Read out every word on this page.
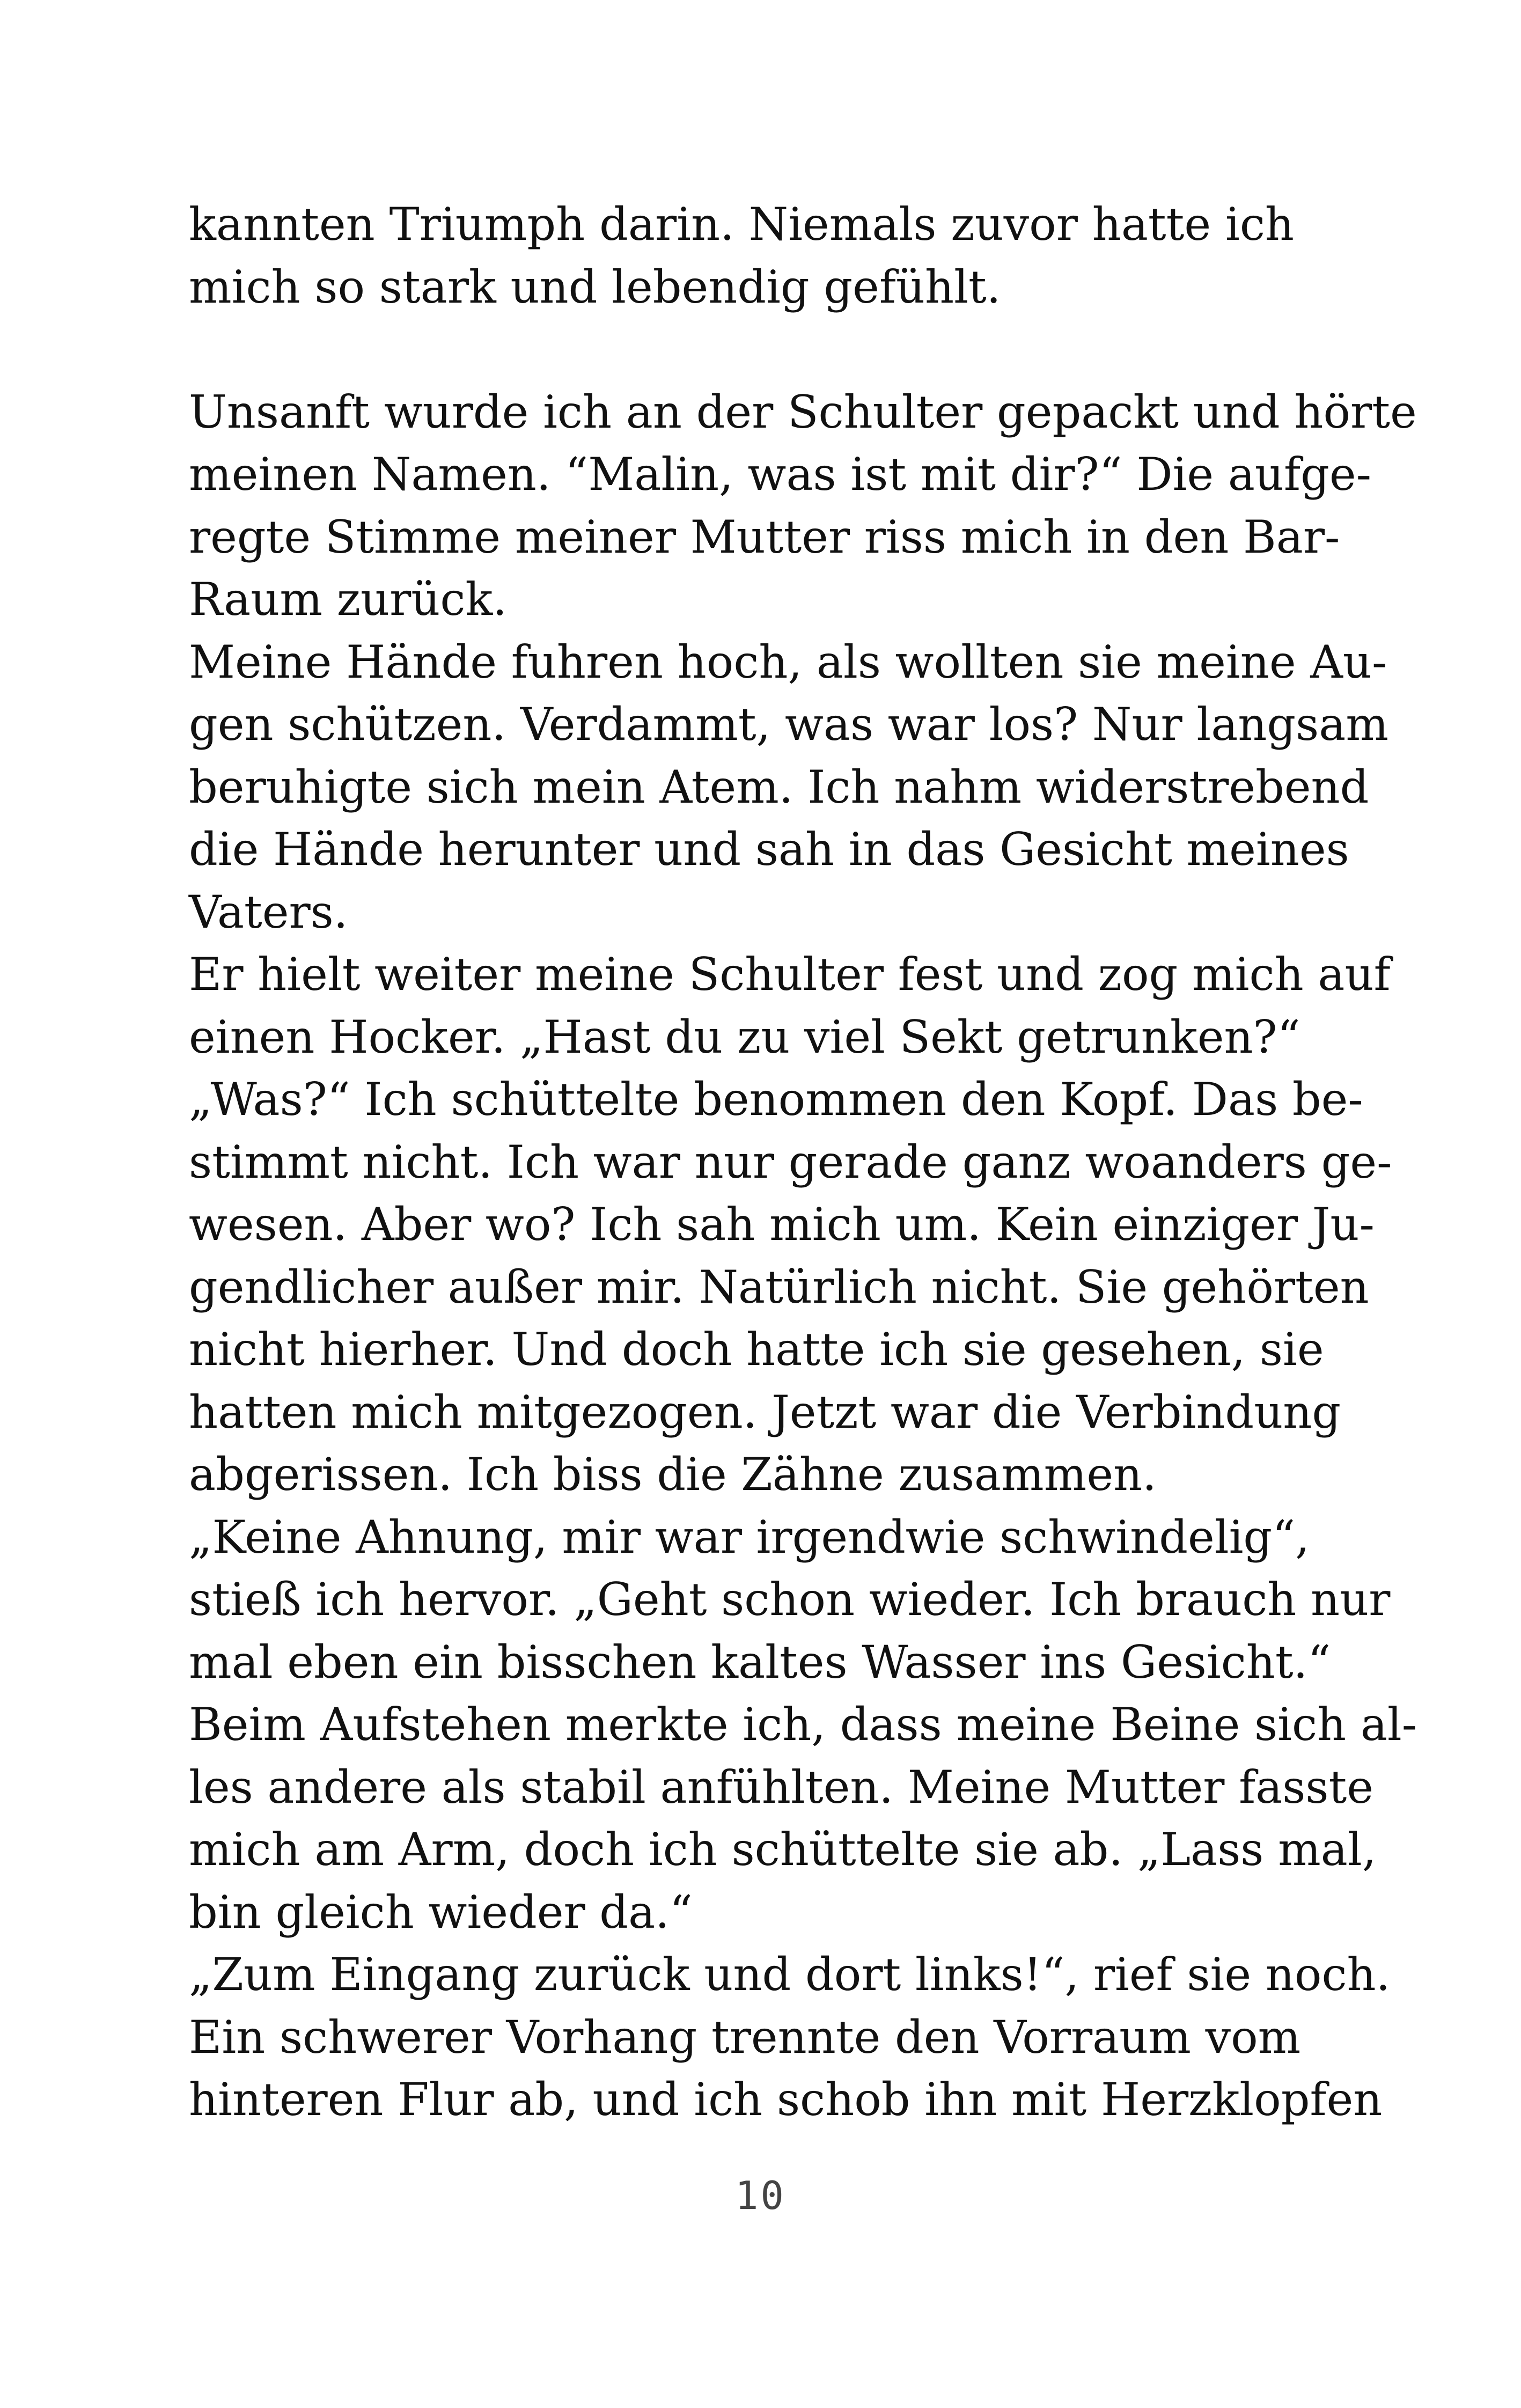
kannten Triumph darin. Niemals zuvor hatte ich
mich so stark und lebendig gefühlt.
Unsanft wurde ich an der Schulter gepackt und hörte
meinen Namen. “Malin, was ist mit dir?“ Die aufge-
regte Stimme meiner Mutter riss mich in den Bar-
Raum zurück.
Meine Hände fuhren hoch, als wollten sie meine Au-
gen schützen. Verdammt, was war los? Nur langsam
beruhigte sich mein Atem. Ich nahm widerstrebend
die Hände herunter und sah in das Gesicht meines
Vaters.
Er hielt weiter meine Schulter fest und zog mich auf
einen Hocker. „Hast du zu viel Sekt getrunken?“
„Was?“ Ich schüttelte benommen den Kopf. Das be-
stimmt nicht. Ich war nur gerade ganz woanders ge-
wesen. Aber wo? Ich sah mich um. Kein einziger Ju-
gendlicher außer mir. Natürlich nicht. Sie gehörten
nicht hierher. Und doch hatte ich sie gesehen, sie
hatten mich mitgezogen. Jetzt war die Verbindung
abgerissen. Ich biss die Zähne zusammen.
„Keine Ahnung, mir war irgendwie schwindelig“,
stieß ich hervor. „Geht schon wieder. Ich brauch nur
mal eben ein bisschen kaltes Wasser ins Gesicht.“
Beim Aufstehen merkte ich, dass meine Beine sich al-
les andere als stabil anfühlten. Meine Mutter fasste
mich am Arm, doch ich schüttelte sie ab. „Lass mal,
bin gleich wieder da.“
„Zum Eingang zurück und dort links!“, rief sie noch.
Ein schwerer Vorhang trennte den Vorraum vom
hinteren Flur ab, und ich schob ihn mit Herzklopfen
10
